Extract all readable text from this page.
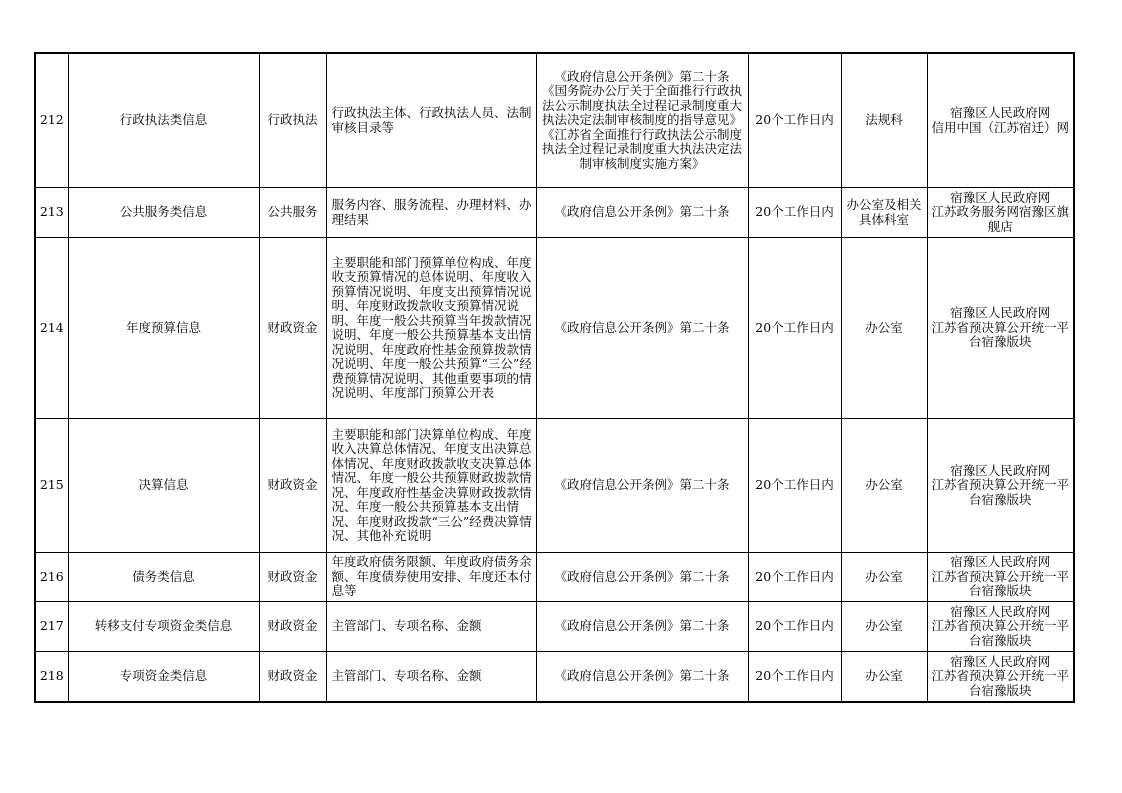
212	行政执法类信息	行政执法	行政执法主体、行政执法人员、法制审核目录等	《政府信息公开条例》第二十条
《国务院办公厅关于全面推行行政执法公示制度执法全过程记录制度重大执法决定法制审核制度的指导意见》
《江苏省全面推行行政执法公示制度执法全过程记录制度重大执法决定法制审核制度实施方案》	20个工作日内	法规科	宿豫区人民政府网
信用中国（江苏宿迁）网

213	公共服务类信息	公共服务	服务内容、服务流程、办理材料、办理结果	《政府信息公开条例》第二十条	20个工作日内	办公室及相关具体科室	宿豫区人民政府网
江苏政务服务网宿豫区旗舰店

214	年度预算信息	财政资金	主要职能和部门预算单位构成、年度收支预算情况的总体说明、年度收入预算情况说明、年度支出预算情况说明、年度财政拨款收支预算情况说明、年度一般公共预算当年拨款情况说明、年度一般公共预算基本支出情况说明、年度政府性基金预算拨款情况说明、年度一般公共预算“三公”经费预算情况说明、其他重要事项的情况说明、年度部门预算公开表	《政府信息公开条例》第二十条	20个工作日内	办公室	宿豫区人民政府网
江苏省预决算公开统一平台宿豫版块

215	决算信息	财政资金	主要职能和部门决算单位构成、年度收入决算总体情况、年度支出决算总体情况、年度财政拨款收支决算总体情况、年度一般公共预算财政拨款情况、年度政府性基金决算财政拨款情况、年度一般公共预算基本支出情况、年度财政拨款“三公”经费决算情况、其他补充说明	《政府信息公开条例》第二十条	20个工作日内	办公室	宿豫区人民政府网
江苏省预决算公开统一平台宿豫版块

216	债务类信息	财政资金	年度政府债务限额、年度政府债务余额、年度债券使用安排、年度还本付息等	《政府信息公开条例》第二十条	20个工作日内	办公室	宿豫区人民政府网
江苏省预决算公开统一平台宿豫版块

217	转移支付专项资金类信息	财政资金	主管部门、专项名称、金额	《政府信息公开条例》第二十条	20个工作日内	办公室	宿豫区人民政府网
江苏省预决算公开统一平台宿豫版块

218	专项资金类信息	财政资金	主管部门、专项名称、金额	《政府信息公开条例》第二十条	20个工作日内	办公室	宿豫区人民政府网
江苏省预决算公开统一平台宿豫版块
